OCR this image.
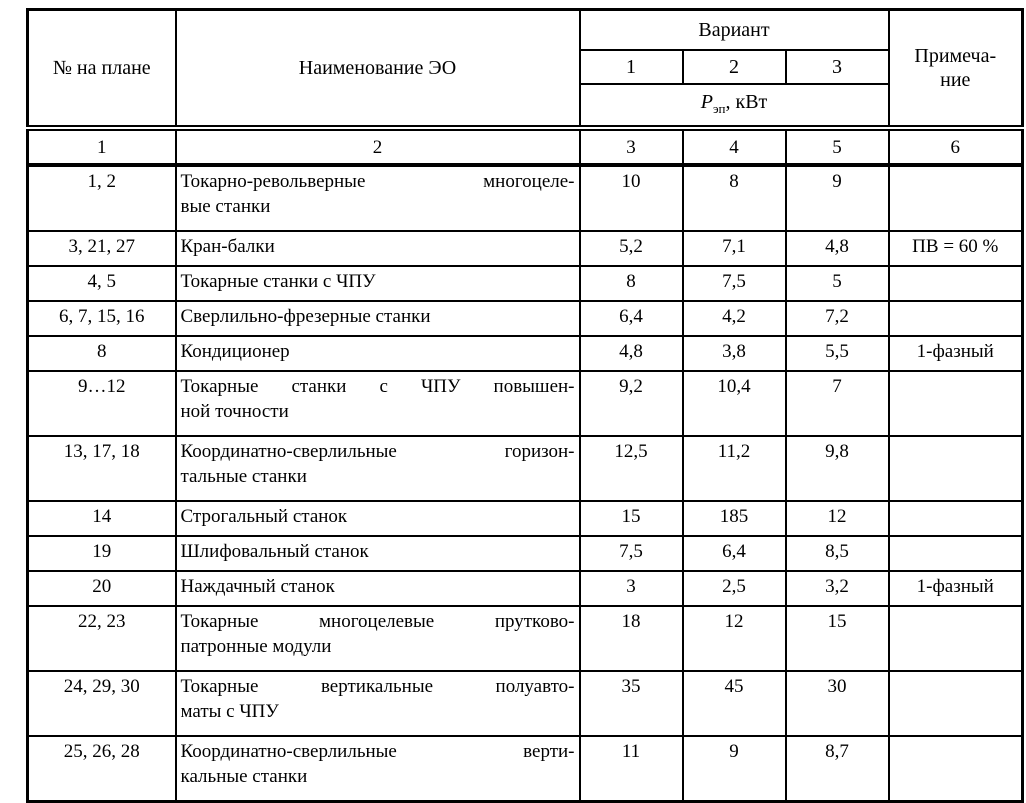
№ на плане	Наименование ЭО	Вариант			Примеча-
ние

		1	2	3	
		$P_{эп}$, кВт			
1	2	3	4	5	6
1, 2	Токарно-револьверные многоцеле-
вые станки	10	8	9	
3, 21, 27	Кран-балки	5,2	7,1	4,8	ПВ = 60 %
4, 5	Токарные станки с ЧПУ	8	7,5	5	
6, 7, 15, 16	Сверлильно-фрезерные станки	6,4	4,2	7,2	
8	Кондиционер	4,8	3,8	5,5	1-фазный
9…12	Токарные станки с ЧПУ повышен-
ной точности	9,2	10,4	7	
13, 17, 18	Координатно-сверлильные горизон-
тальные станки	12,5	11,2	9,8	
14	Строгальный станок	15	185	12	
19	Шлифовальный станок	7,5	6,4	8,5	
20	Наждачный станок	3	2,5	3,2	1-фазный
22, 23	Токарные многоцелевые прутково-
патронные модули	18	12	15	
24, 29, 30	Токарные вертикальные полуавто-
маты с ЧПУ	35	45	30	
25, 26, 28	Координатно-сверлильные верти-
кальные станки	11	9	8,7	
